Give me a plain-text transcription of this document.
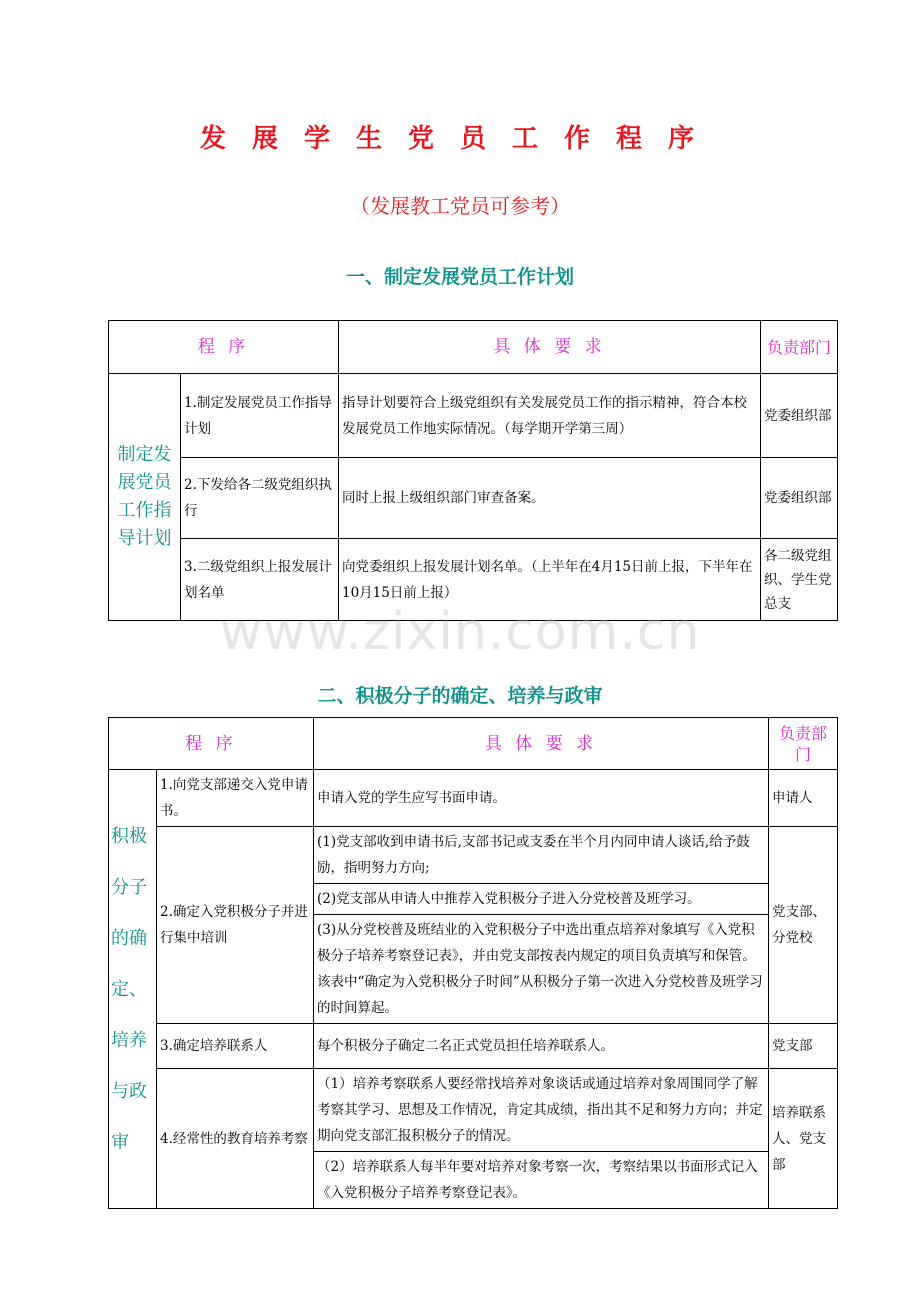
发展学生党员工作程序
（发展教工党员可参考）
一、制定发展党员工作计划
程 序		具 体 要 求	负责部门
制定发展党员工作指导计划	1.制定发展党员工作指导计划	指导计划要符合上级党组织有关发展党员工作的指示精神，符合本校发展党员工作地实际情况。（每学期开学第三周）	党委组织部
	2.下发给各二级党组织执行	同时上报上级组织部门审查备案。	党委组织部
	3.二级党组织上报发展计划名单	向党委组织上报发展计划名单。（上半年在4月15日前上报，下半年在10月15日前上报）	各二级党组织、学生党总支
www.zixin.com.cn
二、积极分子的确定、培养与政审
程 序		具 体 要 求	负责部门
积极分子的确定、培养与政审	1.向党支部递交入党申请书。	申请入党的学生应写书面申请。	申请人
	2.确定入党积极分子并进行集中培训	(1)党支部收到申请书后,支部书记或支委在半个月内同申请人谈话,给予鼓励，指明努力方向;
(2)党支部从申请人中推荐入党积极分子进入分党校普及班学习。
(3)从分党校普及班结业的入党积极分子中选出重点培养对象填写《入党积极分子培养考察登记表》，并由党支部按表内规定的项目负责填写和保管。该表中“确定为入党积极分子时间”从积极分子第一次进入分党校普及班学习的时间算起。	党支部、分党校
	3.确定培养联系人	每个积极分子确定二名正式党员担任培养联系人。	党支部
	4.经常性的教育培养考察	（1）培养考察联系人要经常找培养对象谈话或通过培养对象周围同学了解考察其学习、思想及工作情况，肯定其成绩，指出其不足和努力方向；并定期向党支部汇报积极分子的情况。
（2）培养联系人每半年要对培养对象考察一次，考察结果以书面形式记入《入党积极分子培养考察登记表》。	培养联系人、党支部
